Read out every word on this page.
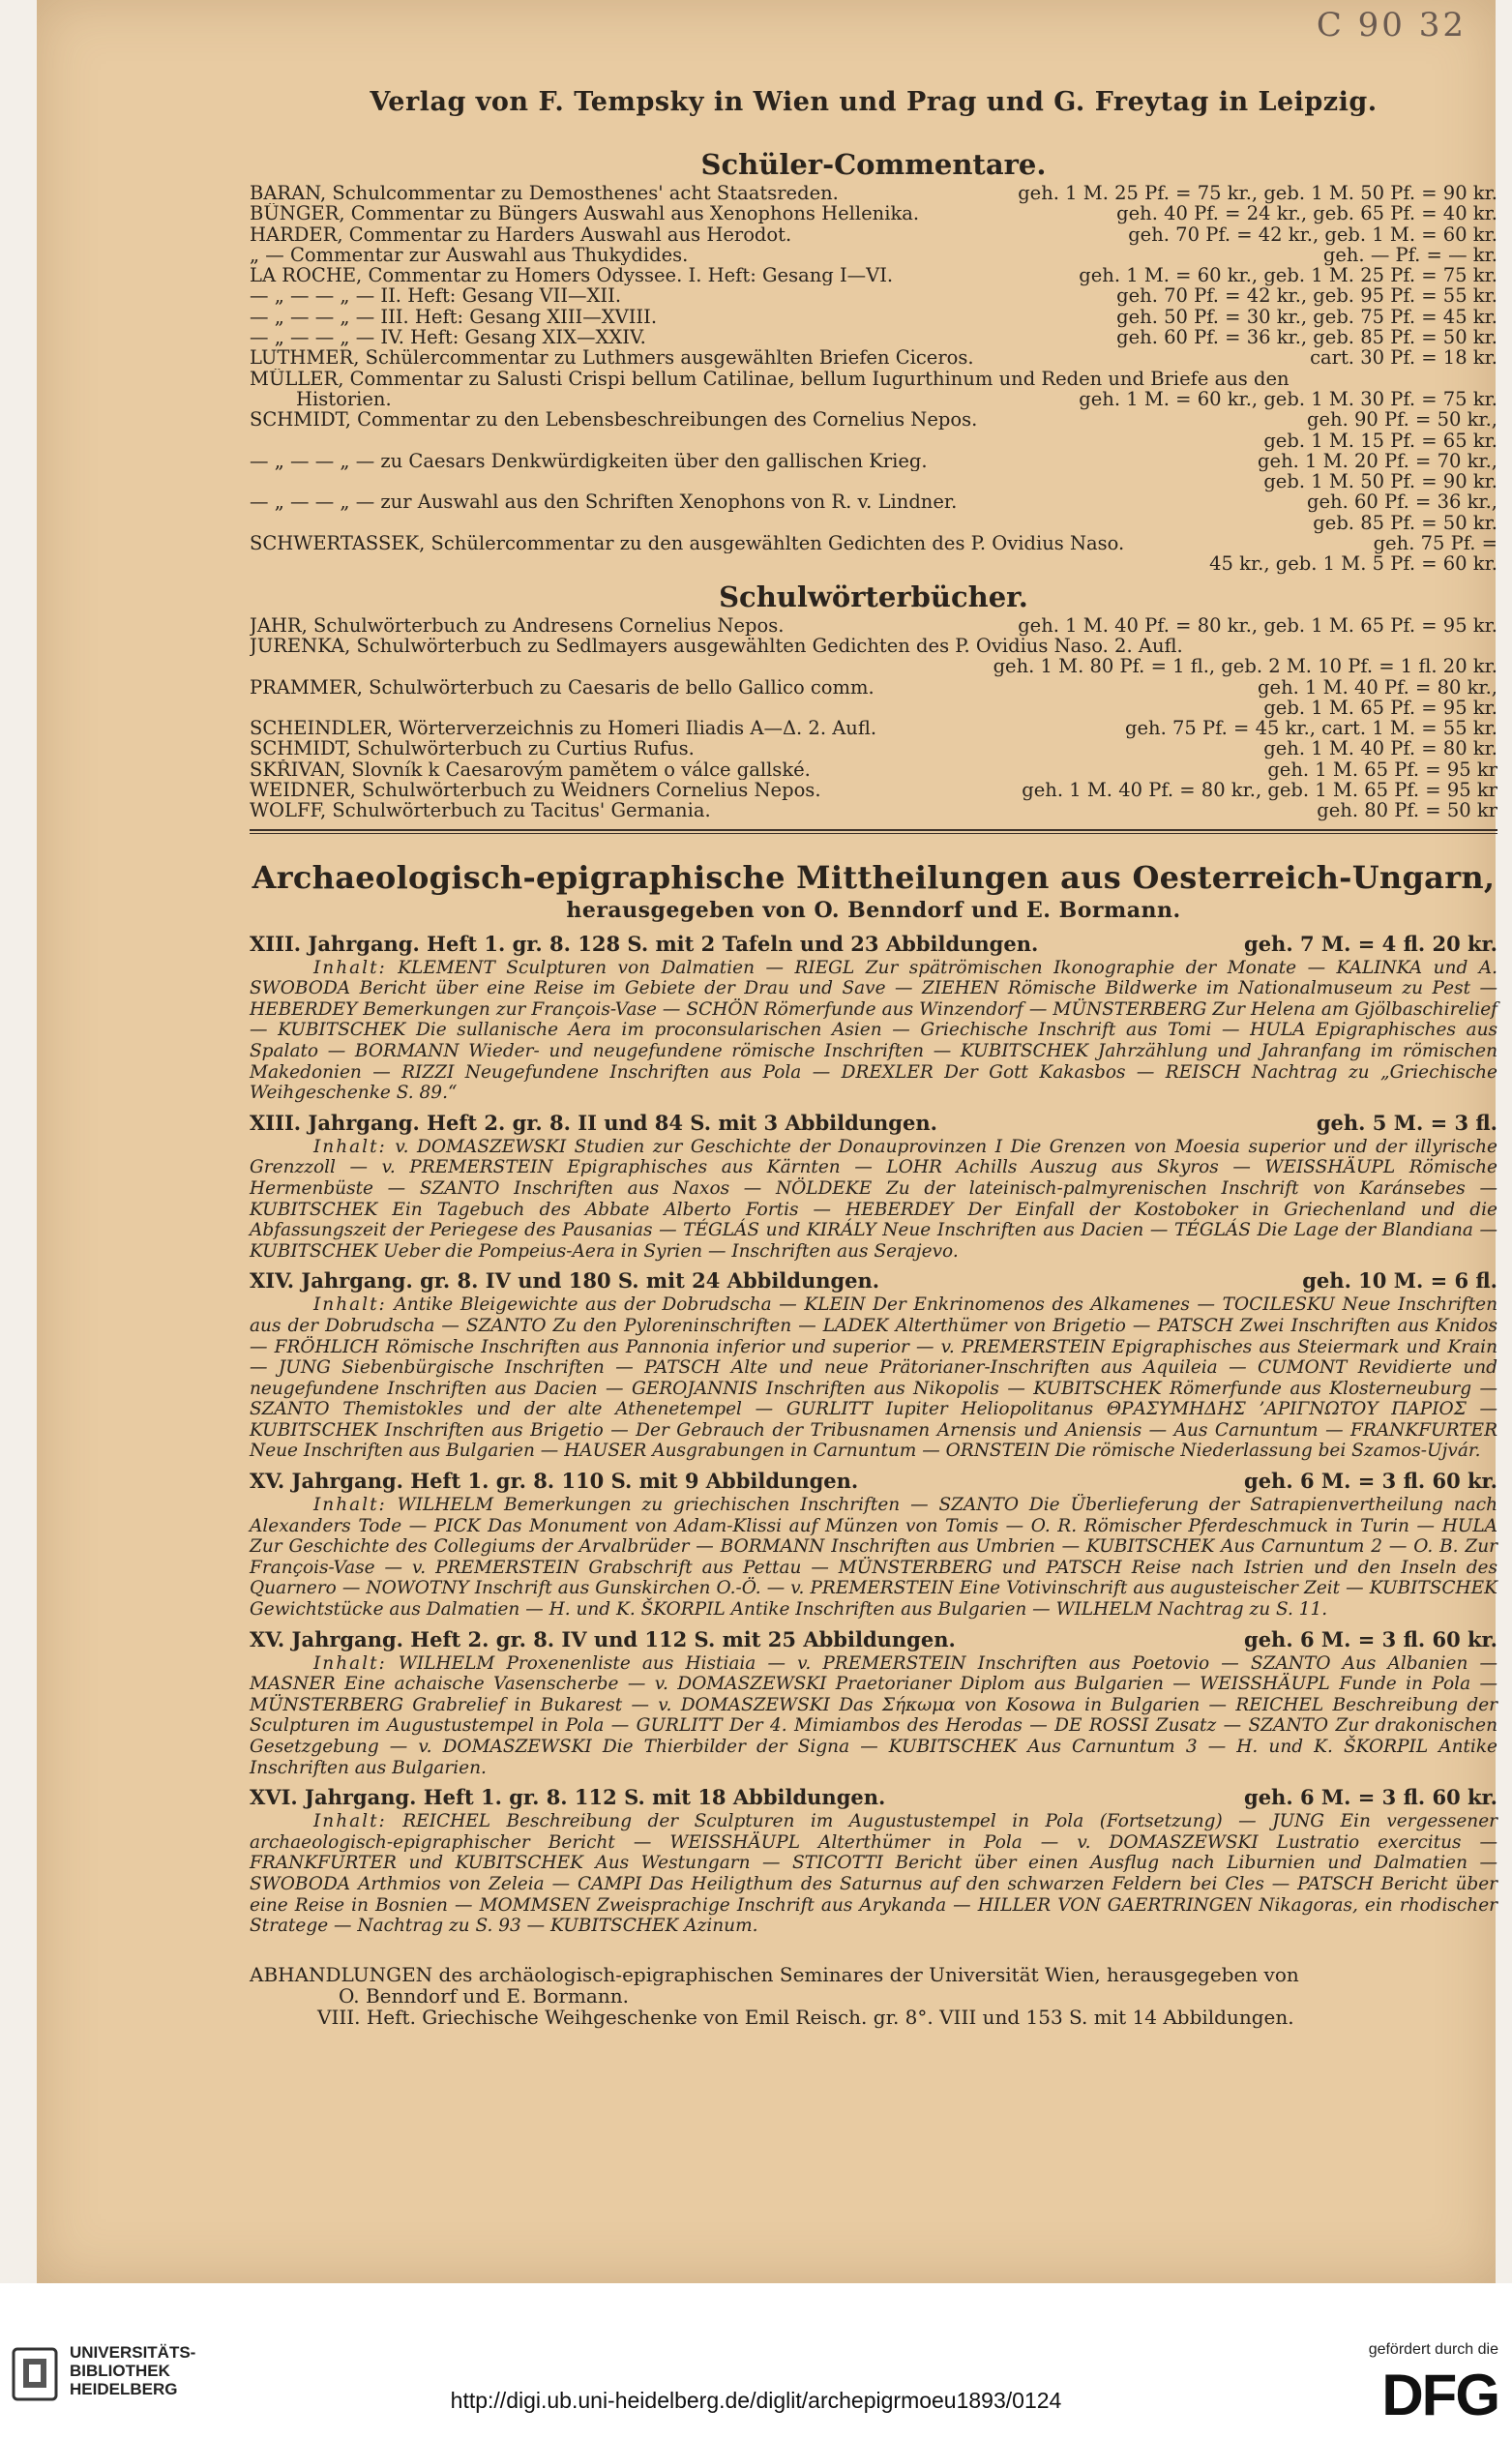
C 90 32
Verlag von F. Tempsky in Wien und Prag und G. Freytag in Leipzig.
Schüler-Commentare.
BARAN, Schulcommentar zu Demosthenes' acht Staatsreden.	geh. 1 M. 25 Pf. = 75 kr., geb. 1 M. 50 Pf. = 90 kr.
BÜNGER, Commentar zu Büngers Auswahl aus Xenophons Hellenika.	geh. 40 Pf. = 24 kr., geb. 65 Pf. = 40 kr.
HARDER, Commentar zu Harders Auswahl aus Herodot.	geh. 70 Pf. = 42 kr., geb. 1 M. = 60 kr.
„ — Commentar zur Auswahl aus Thukydides.	geh. — Pf. = — kr.
LA ROCHE, Commentar zu Homers Odyssee. I. Heft: Gesang I—VI.	geh. 1 M. = 60 kr., geb. 1 M. 25 Pf. = 75 kr.
— „ — — „ — II. Heft: Gesang VII—XII.	geh. 70 Pf. = 42 kr., geb. 95 Pf. = 55 kr.
— „ — — „ — III. Heft: Gesang XIII—XVIII.	geh. 50 Pf. = 30 kr., geb. 75 Pf. = 45 kr.
— „ — — „ — IV. Heft: Gesang XIX—XXIV.	geh. 60 Pf. = 36 kr., geb. 85 Pf. = 50 kr.
LUTHMER, Schülercommentar zu Luthmers ausgewählten Briefen Ciceros.	cart. 30 Pf. = 18 kr.
MÜLLER, Commentar zu Salusti Crispi bellum Catilinae, bellum Iugurthinum und Reden und Briefe aus den
Historien.	geh. 1 M. = 60 kr., geb. 1 M. 30 Pf. = 75 kr.
SCHMIDT, Commentar zu den Lebensbeschreibungen des Cornelius Nepos.	geh. 90 Pf. = 50 kr.,
geb. 1 M. 15 Pf. = 65 kr.
— „ — — „ — zu Caesars Denkwürdigkeiten über den gallischen Krieg.	geh. 1 M. 20 Pf. = 70 kr.,
geb. 1 M. 50 Pf. = 90 kr.
— „ — — „ — zur Auswahl aus den Schriften Xenophons von R. v. Lindner.	geh. 60 Pf. = 36 kr.,
geb. 85 Pf. = 50 kr.
SCHWERTASSEK, Schülercommentar zu den ausgewählten Gedichten des P. Ovidius Naso.	geh. 75 Pf. =
45 kr., geb. 1 M. 5 Pf. = 60 kr.
Schulwörterbücher.
JAHR, Schulwörterbuch zu Andresens Cornelius Nepos.	geh. 1 M. 40 Pf. = 80 kr., geb. 1 M. 65 Pf. = 95 kr.
JURENKA, Schulwörterbuch zu Sedlmayers ausgewählten Gedichten des P. Ovidius Naso. 2. Aufl.
geh. 1 M. 80 Pf. = 1 fl., geb. 2 M. 10 Pf. = 1 fl. 20 kr.
PRAMMER, Schulwörterbuch zu Caesaris de bello Gallico comm.	geh. 1 M. 40 Pf. = 80 kr.,
geb. 1 M. 65 Pf. = 95 kr.
SCHEINDLER, Wörterverzeichnis zu Homeri Iliadis A—Δ. 2. Aufl.	geh. 75 Pf. = 45 kr., cart. 1 M. = 55 kr.
SCHMIDT, Schulwörterbuch zu Curtius Rufus.	geh. 1 M. 40 Pf. = 80 kr.
SKŘIVAN, Slovník k Caesarovým pamětem o válce gallské.	geh. 1 M. 65 Pf. = 95 kr
WEIDNER, Schulwörterbuch zu Weidners Cornelius Nepos.	geh. 1 M. 40 Pf. = 80 kr., geb. 1 M. 65 Pf. = 95 kr
WOLFF, Schulwörterbuch zu Tacitus' Germania.	geh. 80 Pf. = 50 kr
Archaeologisch-epigraphische Mittheilungen aus Oesterreich-Ungarn,
herausgegeben von O. Benndorf und E. Bormann.
XIII. Jahrgang. Heft 1. gr. 8. 128 S. mit 2 Tafeln und 23 Abbildungen.	geh. 7 M. = 4 fl. 20 kr.
Inhalt: KLEMENT Sculpturen von Dalmatien — RIEGL Zur spätrömischen Ikonographie der Monate — KALINKA und A. SWOBODA Bericht über eine Reise im Gebiete der Drau und Save — ZIEHEN Römische Bildwerke im Nationalmuseum zu Pest — HEBERDEY Bemerkungen zur François-Vase — SCHÖN Römerfunde aus Winzendorf — MÜNSTERBERG Zur Helena am Gjölbaschirelief — KUBITSCHEK Die sullanische Aera im proconsularischen Asien — Griechische Inschrift aus Tomi — HULA Epigraphisches aus Spalato — BORMANN Wieder- und neugefundene römische Inschriften — KUBITSCHEK Jahrzählung und Jahranfang im römischen Makedonien — RIZZI Neugefundene Inschriften aus Pola — DREXLER Der Gott Kakasbos — REISCH Nachtrag zu „Griechische Weihgeschenke S. 89.“
XIII. Jahrgang. Heft 2. gr. 8. II und 84 S. mit 3 Abbildungen.	geh. 5 M. = 3 fl.
Inhalt: v. DOMASZEWSKI Studien zur Geschichte der Donauprovinzen I Die Grenzen von Moesia superior und der illyrische Grenzzoll — v. PREMERSTEIN Epigraphisches aus Kärnten — LOHR Achills Auszug aus Skyros — WEISSHÄUPL Römische Hermenbüste — SZANTO Inschriften aus Naxos — NÖLDEKE Zu der lateinisch-palmyrenischen Inschrift von Karánsebes — KUBITSCHEK Ein Tagebuch des Abbate Alberto Fortis — HEBERDEY Der Einfall der Kostoboker in Griechenland und die Abfassungszeit der Periegese des Pausanias — TÉGLÁS und KIRÁLY Neue Inschriften aus Dacien — TÉGLÁS Die Lage der Blandiana — KUBITSCHEK Ueber die Pompeius-Aera in Syrien — Inschriften aus Serajevo.
XIV. Jahrgang. gr. 8. IV und 180 S. mit 24 Abbildungen.	geh. 10 M. = 6 fl.
Inhalt: Antike Bleigewichte aus der Dobrudscha — KLEIN Der Enkrinomenos des Alkamenes — TOCILESKU Neue Inschriften aus der Dobrudscha — SZANTO Zu den Pyloreninschriften — LADEK Alterthümer von Brigetio — PATSCH Zwei Inschriften aus Knidos — FRÖHLICH Römische Inschriften aus Pannonia inferior und superior — v. PREMERSTEIN Epigraphisches aus Steiermark und Krain — JUNG Siebenbürgische Inschriften — PATSCH Alte und neue Prätorianer-Inschriften aus Aquileia — CUMONT Revidierte und neugefundene Inschriften aus Dacien — GEROJANNIS Inschriften aus Nikopolis — KUBITSCHEK Römerfunde aus Klosterneuburg — SZANTO Themistokles und der alte Athenetempel — GURLITT Iupiter Heliopolitanus ΘΡΑΣΥΜΗΔΗΣ ’ΑΡΙΓΝΩΤΟΥ ΠΑΡΙΟΣ — KUBITSCHEK Inschriften aus Brigetio — Der Gebrauch der Tribusnamen Arnensis und Aniensis — Aus Carnuntum — FRANKFURTER Neue Inschriften aus Bulgarien — HAUSER Ausgrabungen in Carnuntum — ORNSTEIN Die römische Niederlassung bei Szamos-Ujvár.
XV. Jahrgang. Heft 1. gr. 8. 110 S. mit 9 Abbildungen.	geh. 6 M. = 3 fl. 60 kr.
Inhalt: WILHELM Bemerkungen zu griechischen Inschriften — SZANTO Die Überlieferung der Satrapienvertheilung nach Alexanders Tode — PICK Das Monument von Adam-Klissi auf Münzen von Tomis — O. R. Römischer Pferdeschmuck in Turin — HULA Zur Geschichte des Collegiums der Arvalbrüder — BORMANN Inschriften aus Umbrien — KUBITSCHEK Aus Carnuntum 2 — O. B. Zur François-Vase — v. PREMERSTEIN Grabschrift aus Pettau — MÜNSTERBERG und PATSCH Reise nach Istrien und den Inseln des Quarnero — NOWOTNY Inschrift aus Gunskirchen O.-Ö. — v. PREMERSTEIN Eine Votivinschrift aus augusteischer Zeit — KUBITSCHEK Gewichtstücke aus Dalmatien — H. und K. ŠKORPIL Antike Inschriften aus Bulgarien — WILHELM Nachtrag zu S. 11.
XV. Jahrgang. Heft 2. gr. 8. IV und 112 S. mit 25 Abbildungen.	geh. 6 M. = 3 fl. 60 kr.
Inhalt: WILHELM Proxenenliste aus Histiaia — v. PREMERSTEIN Inschriften aus Poetovio — SZANTO Aus Albanien — MASNER Eine achaische Vasenscherbe — v. DOMASZEWSKI Praetorianer Diplom aus Bulgarien — WEISSHÄUPL Funde in Pola — MÜNSTERBERG Grabrelief in Bukarest — v. DOMASZEWSKI Das Σήκωμα von Kosowa in Bulgarien — REICHEL Beschreibung der Sculpturen im Augustustempel in Pola — GURLITT Der 4. Mimiambos des Herodas — DE ROSSI Zusatz — SZANTO Zur drakonischen Gesetzgebung — v. DOMASZEWSKI Die Thierbilder der Signa — KUBITSCHEK Aus Carnuntum 3 — H. und K. ŠKORPIL Antike Inschriften aus Bulgarien.
XVI. Jahrgang. Heft 1. gr. 8. 112 S. mit 18 Abbildungen.	geh. 6 M. = 3 fl. 60 kr.
Inhalt: REICHEL Beschreibung der Sculpturen im Augustustempel in Pola (Fortsetzung) — JUNG Ein vergessener archaeologisch-epigraphischer Bericht — WEISSHÄUPL Alterthümer in Pola — v. DOMASZEWSKI Lustratio exercitus — FRANKFURTER und KUBITSCHEK Aus Westungarn — STICOTTI Bericht über einen Ausflug nach Liburnien und Dalmatien — SWOBODA Arthmios von Zeleia — CAMPI Das Heiligthum des Saturnus auf den schwarzen Feldern bei Cles — PATSCH Bericht über eine Reise in Bosnien — MOMMSEN Zweisprachige Inschrift aus Arykanda — HILLER VON GAERTRINGEN Nikagoras, ein rhodischer Stratege — Nachtrag zu S. 93 — KUBITSCHEK Azinum.
ABHANDLUNGEN des archäologisch-epigraphischen Seminares der Universität Wien, herausgegeben von
O. Benndorf und E. Bormann.
VIII. Heft. Griechische Weihgeschenke von Emil Reisch. gr. 8°. VIII und 153 S. mit 14 Abbildungen.
UNIVERSITÄTS-
BIBLIOTHEK
HEIDELBERG	http://digi.ub.uni-heidelberg.de/diglit/archepigrmoeu1893/0124
gefördert durch die
DFG
